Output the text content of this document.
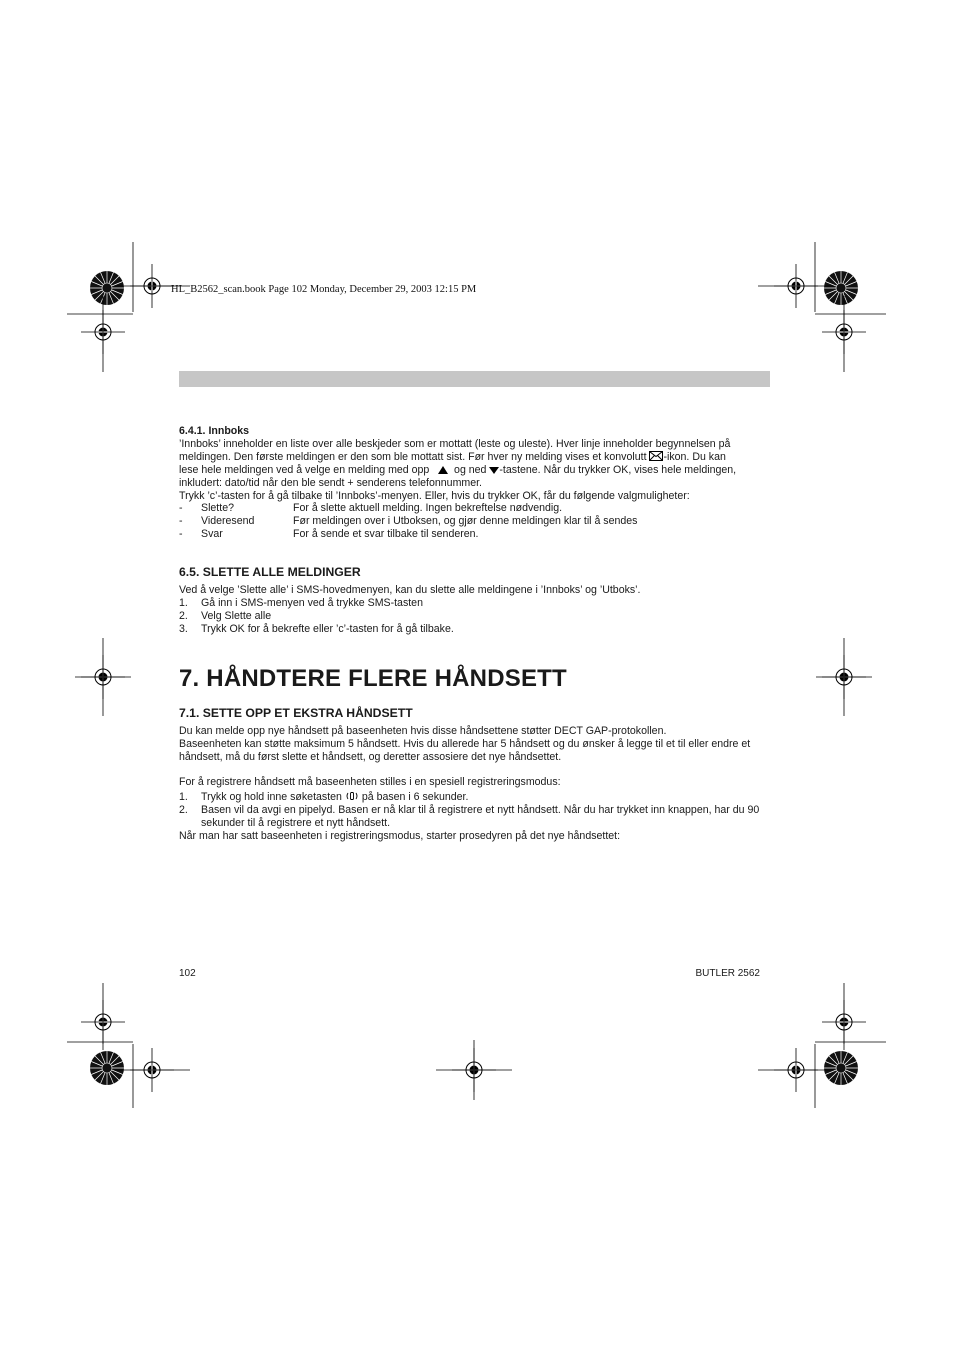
HL_B2562_scan.book Page 102 Monday, December 29, 2003 12:15 PM
6.4.1. Innboks

’Innboks’ inneholder en liste over alle beskjeder som er mottatt (leste og uleste). Hver linje inneholder begynnelsen på
meldingen. Den første meldingen er den som ble mottatt sist. Før hver ny melding vises et konvolutt -ikon. Du kan
lese hele meldingen ved å velge en melding med opp og ned -tastene. Når du trykker OK, vises hele meldingen,
inkludert: dato/tid når den ble sendt + senderens telefonnummer.

Trykk ’c’-tasten for å gå tilbake til ’Innboks’-menyen. Eller, hvis du trykker OK, får du følgende valgmuligheter:

-	Slette?	For å slette aktuell melding. Ingen bekreftelse nødvendig.
-	Videresend	Før meldingen over i Utboksen, og gjør denne meldingen klar til å sendes
-	Svar	For å sende et svar tilbake til senderen.
6.5. SLETTE ALLE MELDINGER

Ved å velge ’Slette alle’ i SMS-hovedmenyen, kan du slette alle meldingene i ’Innboks’ og ’Utboks’.

1.	Gå inn i SMS-menyen ved å trykke SMS-tasten
2.	Velg Slette alle
3.	Trykk OK for å bekrefte eller ’c’-tasten for å gå tilbake.
7. HÅNDTERE FLERE HÅNDSETT
7.1. SETTE OPP ET EKSTRA HÅNDSETT

Du kan melde opp nye håndsett på baseenheten hvis disse håndsettene støtter DECT GAP-protokollen.

Baseenheten kan støtte maksimum 5 håndsett. Hvis du allerede har 5 håndsett og du ønsker å legge til et til eller endre et håndsett, må du først slette et håndsett, og deretter assosiere det nye håndsettet.

For å registrere håndsett må baseenheten stilles i en spesiell registreringsmodus:

1.	Trykk og hold inne søketasten på basen i 6 sekunder.
2.	Basen vil da avgi en pipelyd. Basen er nå klar til å registrere et nytt håndsett. Når du har trykket inn knappen, har du 90 sekunder til å registrere et nytt håndsett.

Når man har satt baseenheten i registreringsmodus, starter prosedyren på det nye håndsettet:

102	BUTLER 2562
